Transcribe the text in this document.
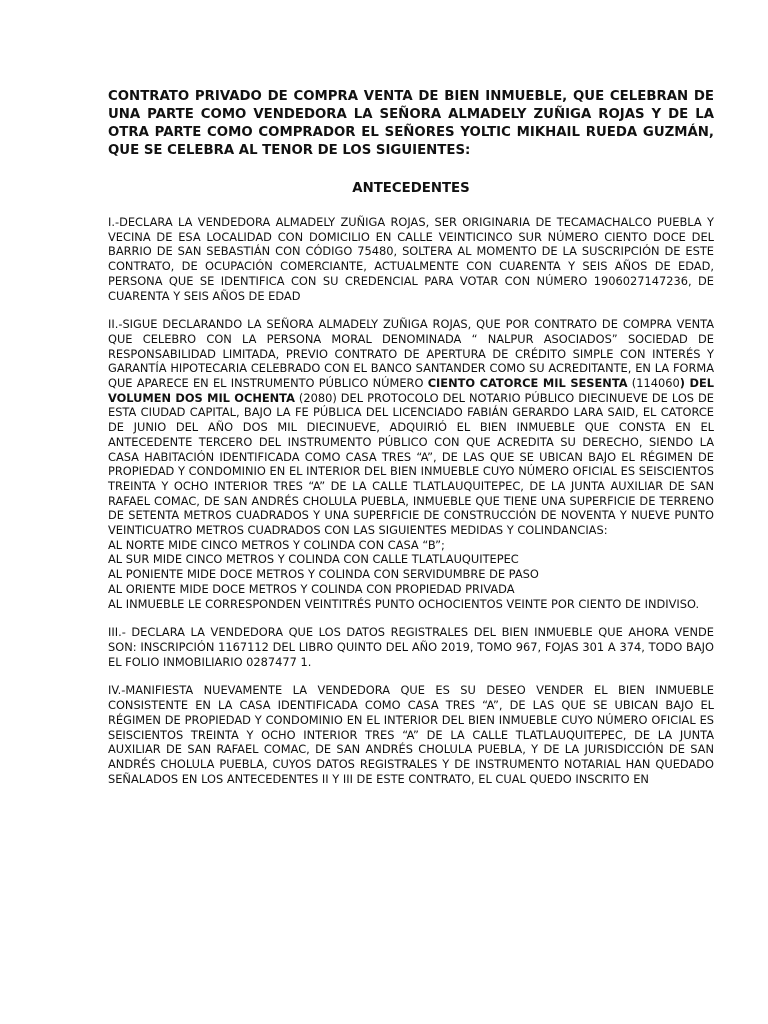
CONTRATO PRIVADO DE COMPRA VENTA DE BIEN INMUEBLE, QUE CELEBRAN DE UNA PARTE COMO VENDEDORA LA SEÑORA ALMADELY ZUÑIGA ROJAS Y DE LA OTRA PARTE COMO COMPRADOR EL SEÑORES YOLTIC MIKHAIL RUEDA GUZMÁN, QUE SE CELEBRA AL TENOR DE LOS SIGUIENTES:

ANTECEDENTES

I.-DECLARA LA VENDEDORA ALMADELY ZUÑIGA ROJAS, SER ORIGINARIA DE TECAMACHALCO PUEBLA Y VECINA DE ESA LOCALIDAD CON DOMICILIO EN CALLE VEINTICINCO SUR NÚMERO CIENTO DOCE DEL BARRIO DE SAN SEBASTIÁN CON CÓDIGO 75480, SOLTERA AL MOMENTO DE LA SUSCRIPCIÓN DE ESTE CONTRATO, DE OCUPACIÓN COMERCIANTE, ACTUALMENTE CON CUARENTA Y SEIS AÑOS DE EDAD, PERSONA QUE SE IDENTIFICA CON SU CREDENCIAL PARA VOTAR CON NÚMERO 1906027147236, DE CUARENTA Y SEIS AÑOS DE EDAD

II.-SIGUE DECLARANDO LA SEÑORA ALMADELY ZUÑIGA ROJAS, QUE POR CONTRATO DE COMPRA VENTA QUE CELEBRO CON LA PERSONA MORAL DENOMINADA “ NALPUR ASOCIADOS” SOCIEDAD DE RESPONSABILIDAD LIMITADA, PREVIO CONTRATO DE APERTURA DE CRÉDITO SIMPLE CON INTERÉS Y GARANTÍA HIPOTECARIA CELEBRADO CON EL BANCO SANTANDER COMO SU ACREDITANTE, EN LA FORMA QUE APARECE EN EL INSTRUMENTO PÚBLICO NÚMERO CIENTO CATORCE MIL SESENTA (114060) DEL VOLUMEN DOS MIL OCHENTA (2080) DEL PROTOCOLO DEL NOTARIO PÚBLICO DIECINUEVE DE LOS DE ESTA CIUDAD CAPITAL, BAJO LA FE PÚBLICA DEL LICENCIADO FABIÁN GERARDO LARA SAID, EL CATORCE DE JUNIO DEL AÑO DOS MIL DIECINUEVE, ADQUIRIÓ EL BIEN INMUEBLE QUE CONSTA EN EL ANTECEDENTE TERCERO DEL INSTRUMENTO PÚBLICO CON QUE ACREDITA SU DERECHO, SIENDO LA CASA HABITACIÓN IDENTIFICADA COMO CASA TRES “A”, DE LAS QUE SE UBICAN BAJO EL RÉGIMEN DE PROPIEDAD Y CONDOMINIO EN EL INTERIOR DEL BIEN INMUEBLE CUYO NÚMERO OFICIAL ES SEISCIENTOS TREINTA Y OCHO INTERIOR TRES “A” DE LA CALLE TLATLAUQUITEPEC, DE LA JUNTA AUXILIAR DE SAN RAFAEL COMAC, DE SAN ANDRÉS CHOLULA PUEBLA, INMUEBLE QUE TIENE UNA SUPERFICIE DE TERRENO DE SETENTA METROS CUADRADOS Y UNA SUPERFICIE DE CONSTRUCCIÓN DE NOVENTA Y NUEVE PUNTO VEINTICUATRO METROS CUADRADOS CON LAS SIGUIENTES MEDIDAS Y COLINDANCIAS:

AL NORTE MIDE CINCO METROS Y COLINDA CON CASA “B”;
AL SUR MIDE CINCO METROS Y COLINDA CON CALLE TLATLAUQUITEPEC
AL PONIENTE MIDE DOCE METROS Y COLINDA CON SERVIDUMBRE DE PASO
AL ORIENTE MIDE DOCE METROS Y COLINDA CON PROPIEDAD PRIVADA

AL INMUEBLE LE CORRESPONDEN VEINTITRÉS PUNTO OCHOCIENTOS VEINTE POR CIENTO DE INDIVISO.

III.- DECLARA LA VENDEDORA QUE LOS DATOS REGISTRALES DEL BIEN INMUEBLE QUE AHORA VENDE SON: INSCRIPCIÓN 1167112 DEL LIBRO QUINTO DEL AÑO 2019, TOMO 967, FOJAS 301 A 374, TODO BAJO EL FOLIO INMOBILIARIO 0287477 1.

IV.-MANIFIESTA NUEVAMENTE LA VENDEDORA QUE ES SU DESEO VENDER EL BIEN INMUEBLE CONSISTENTE EN LA CASA IDENTIFICADA COMO CASA TRES “A”, DE LAS QUE SE UBICAN BAJO EL RÉGIMEN DE PROPIEDAD Y CONDOMINIO EN EL INTERIOR DEL BIEN INMUEBLE CUYO NÚMERO OFICIAL ES SEISCIENTOS TREINTA Y OCHO INTERIOR TRES “A” DE LA CALLE TLATLAUQUITEPEC, DE LA JUNTA AUXILIAR DE SAN RAFAEL COMAC, DE SAN ANDRÉS CHOLULA PUEBLA, Y DE LA JURISDICCIÓN DE SAN ANDRÉS CHOLULA PUEBLA, CUYOS DATOS REGISTRALES Y DE INSTRUMENTO NOTARIAL HAN QUEDADO SEÑALADOS EN LOS ANTECEDENTES II Y III DE ESTE CONTRATO, EL CUAL QUEDO INSCRITO EN
